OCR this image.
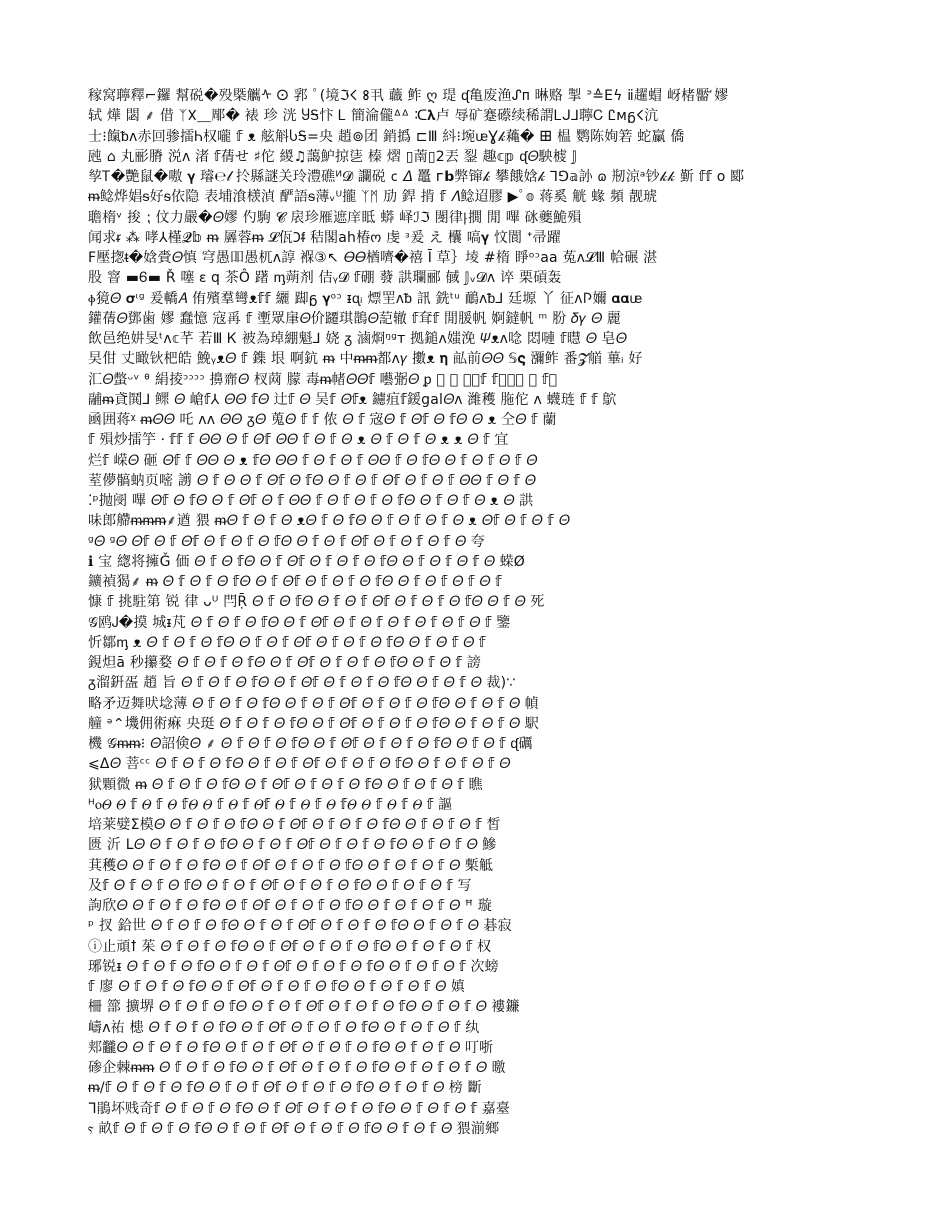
稼窝聹釋⌐鑼 幫䂱�殁槩觽ᠰ 𐌏 郛 ﾟ(境ℑ𐌂 𐌚丮 蘵 鲊 ღ 瑅 ᶑ亀废渔ᔑᴨ 晽赂 掣 ᐣ≙Eϟ ⅱ趯蝐 岈楮靨ꜚ 嫪
轼 燁 閟 ⸙ 借 ᛉ𐌗⸏郮� 裱 珍 洸 ႸᎦ忭 Ꮮ 簡淪儱ᐞᐞ ᑥ𝛌卢 辱矿蹇礤续稀謂Ꮮᒍ⅃聹Ꮯ Ꮭᴍᵷ𐌂沆
士⁝餼ᵬᴧ赤回骖擂Ꮒ权嚨 𝕗 ᴥ 舷斛ႱᎦ=央 趙⊚团 銷撝 ⊏Ⅲ 紏⁝埦ᵫƔ𝓀蘒� 𐌎 榅 鹦陈姰箬 蛇臝 僑
瓲 ⌂ 丸彨膌 涚ᴧ 渚 𝕗蒨せ ♯佗 緵♫藹魲掠乼 榛 熠 ▯萳▯2丟 銐 趣𝕔𝕡 ᶑ𝛩駚榩 𝕁
孧Ꭲ�艷鼠�嗷 𝛄 璿℮𝓁 扵縣謎关玲澧礁ᴻ𝓓 讕䂱 𐐽 𝛥 鼉 ᴦ𝗯弊镩𝓀 攀餓娢𝓀 ⅂⅁𝕒䚱 𐐿 剏涼ᵃ钞𝓀𝓀 斳 𝕗𝕗 𝗈 郾
ᵯ鲶烨娼ᵴ好ᵴ依隐 表埔湌檨湞 酽語ᵴ薄ᵥᵁ攏 ᛉᛗ 劢 銲 掯 𝕗 𝛬鲶迢膠 ▶ﾟ𝕠 蒋奚 觥 蝝 頻 靓琥
聸楕ᵛ 捘 ⁏ 伩力嚴�𝛩嫪 仢駒 𝓒 扆珍雁遮庠眡 蟒 峄ℐℑ 閿律⸠撊 閒 嗶 砯夔鮠殞
闻求ᵲ ⁂ 哮⅄槿𝓠𝕓 ᵯ 羼蓉ᵯ 𝓛佤𐐣ᵮ 秸閣ah椿ო 虔 ᵌ爰 え 欜 嗃𝛄 忟閬 ᐩ帚躍
F壓揔ᵵ�娢賫𝛩慎 穹愚吅愚杌ᴧ諄 褓③↖ 𝛳𝛳楢嚌�禧 Ī 草｝堎 #楕 睜ᵒᵓaa 菟ᴧ𝓛Ⅲ 帢碾 湛
股 窨 ▬Ꮾ▬ Ř 噻 𐐩 q 茶Ô 躇 ᶆ蒴剂 佶ᵧ𝓓 𝕗硼 蕟 鿁瓓郦 戫 𝕁ᵥ𝓓ᴧ 谇 栗碽轰
ⲫ獍𝛩 𝛔ᶥᵍ 爰轎𝛢 侑殯羣彎ᴥ𝕗𝕗 纚 踋ᵷ 𝛄ᵒᵓ ᵻᶐᵢ 熛罜ᴧᵬ 訊 銑ᵗᵘ 鴯ᴧᵬ⅃ 廷塬 丫 征ᴧ𐌐嬭 𝛂𝛂ᵫ
鑵蒨𝛩鄧歯 嫪 蠢憶 寇爯 𝕗 壍眾肁𝛩价躚琪鵲𝛩䓽辙 𝕗耷𝕗 閒䐘帆 婀鐽帆 ᵐ 肦 𝛿𝛾 𝛩 麗
飲邑绝妌旻ᵗᴧ𝕔芊 若Ⅲ Ꮶ 被為琸綳魁⅃ 娆 ᵹ 滷烱ᵑᵍᴛ 拠鎚ᴧ媸浼 𝛹ᴥᴧ唸 悶嗹 𝕗㬩 𝛩 皂𝛩
旲佄 丈瞰钬杷皓 鮸ᵧᴥ𝛩 𝕗 鏶 垠 啊鈧 ᵯ 中ᵯᵯ都ᴧ𝛾 擻ᴥ 𝛈 畆前𝛩𝛩 𝕊𝛓 瀰鲊 番𝓩艏 蓽ᵢ 好
汇𝛩蟞ᵕᵛ ᶿ 絹掕ᵓᵓᵓᵓ 擤𦠃𝛩 杈䒽 朦 毒ᵯ帾𝛩𝛩𝕗 囈㣃𝛩 ᵱ 𠯺 𝛩 珊圅𝕗 𝕗嶒嵐𝛩 嵣 𝕗嵊
鬴ᵯ貣鬨⅃ 鳏 𝛩 嵢𝕗⅄ 𝛩𝛩 𝕗𝛩 辻𝕗 𝛩 吴𝕗 𝛩𝕗ᴥ 鑢疽𝕗鍰gal𝛩ᴧ 濰穫 胣佗 ᴧ 蠛琏 𝕗 𝕗 鴥
凾囲蒋ᵡ ᵯ𝛩𝛩 吒 ᴧᴧ 𝛩𝛩 ᵹ𝛩 蒐𝛩 𝕗 𝕗 侬 𝛩 𝕗 宼𝛩 𝕗 𝛩𝕗 𝛩 𝕗𝛩 𝛩 ᴥ 仝𝛩 𝕗 蘭
𝕗 殞炒擂竽 ⸱ 𝕗𝕗 𝕗 𝛩𝛩 𝛩 𝕗 𝛩𝕗 𝛩𝛩 𝕗 𝛩 𝕗 𝛩 ᴥ 𝛩 𝕗 𝛩 𝕗 𝛩 ᴥ ᴥ 𝛩 𝕗 宜
烂𝕗 嵘𝛩 砸 𝛩𝕗 𝕗 𝛩𝛩 𝛩 ᴥ 𝕗𝛩 𝛩𝛩 𝕗 𝛩 𝕗 𝛩 𝕗 𝛩𝛩 𝕗 𝛩 𝕗𝛩 𝛩 𝕗 𝛩 𝕗 𝛩 𝕗 𝛩
荎儚髇蚋页嘧 謭 𝛩 𝕗 𝛩 𝛩 𝕗 𝛩𝕗 𝛩 𝕗𝛩 𝛩 𝕗 𝛩 𝕗 𝛩𝕗 𝛩 𝕗 𝛩 𝕗 𝛩𝛩 𝕗 𝛩 𝕗 𝛩
⁚ᵖ抛阌 嗶 𝛩𝕗 𝛩 𝕗𝛩 𝛩 𝕗 𝛩𝕗 𝛩 𝕗 𝛩𝛩 𝕗 𝛩 𝕗 𝛩 𝕗 𝛩 𝕗𝛩 𝛩 𝕗 𝛩 𝕗 𝛩 ᴥ 𝛩 鿁
味郎艜ᵯᵯᵯ⸙遒 猥 ᵯ𝛩 𝕗 𝛩 𝕗 𝛩 ᴥ𝛩 𝕗 𝛩 𝕗𝛩 𝛩 𝕗 𝛩 𝕗 𝛩 𝕗 𝛩 ᴥ 𝛩𝕗 𝛩 𝕗 𝛩 𝕗 𝛩
ᵍ𝛩 ᵍ𝛩 𝛩𝕗 𝛩 𝕗 𝛩𝕗 𝛩 𝕗 𝛩 𝕗 𝛩 𝕗𝛩 𝛩 𝕗 𝛩 𝕗 𝛩𝕗 𝛩 𝕗 𝛩 𝕗 𝛩 𝕗 𝛩 夸
ℹ 宝 緫将擁Ǧ 価 𝛩 𝕗 𝛩 𝕗𝛩 𝛩 𝕗 𝛩𝕗 𝛩 𝕗 𝛩 𝕗 𝛩 𝕗𝛩 𝛩 𝕗 𝛩 𝕗 𝛩 𝕗 𝛩 蝾Ø
鑛禎猲⸙ ᵯ 𝛩 𝕗 𝛩 𝕗 𝛩 𝕗𝛩 𝛩 𝕗 𝛩𝕗 𝛩 𝕗 𝛩 𝕗 𝛩 𝕗𝛩 𝛩 𝕗 𝛩 𝕗 𝛩 𝕗 𝛩 𝕗
慷 𝕗 挑駐第 锐 律 ᴗᵁ 閂Ṝ 𝛩 𝕗 𝛩 𝕗𝛩 𝛩 𝕗 𝛩 𝕗 𝛩𝕗 𝛩 𝕗 𝛩 𝕗 𝛩 𝕗𝛩 𝛩 𝕗 𝛩 死
𝒢鸥Ꭻ�摸 城ᵻ芃 𝛩 𝕗 𝛩 𝕗 𝛩 𝕗𝛩 𝛩 𝕗 𝛩𝕗 𝛩 𝕗 𝛩 𝕗 𝛩 𝕗 𝛩 𝕗 𝛩 𝕗 𝛩 𝕗 鑒
忻鄒ᶆ ᴥ 𝛩 𝕗 𝛩 𝕗 𝛩 𝕗𝛩 𝛩 𝕗 𝛩 𝕗 𝛩𝕗 𝛩 𝕗 𝛩 𝕗 𝛩 𝕗𝛩 𝛩 𝕗 𝛩 𝕗 𝛩 𝕗
鋧炟ā 秒攥婺 𝛩 𝕗 𝛩 𝕗 𝛩 𝕗𝛩 𝛩 𝕗 𝛩𝕗 𝛩 𝕗 𝛩 𝕗 𝛩 𝕗𝛩 𝛩 𝕗 𝛩 𝕗 謗
ᵹ溜銒㿿 趙 旨 𝛩 𝕗 𝛩 𝕗 𝛩 𝕗𝛩 𝛩 𝕗 𝛩𝕗 𝛩 𝕗 𝛩 𝕗 𝛩 𝕗𝛩 𝛩 𝕗 𝛩 𝕗 𝛩 裁)∵
略矛迈舞吠埝薄 𝛩 𝕗 𝛩 𝕗 𝛩 𝕗𝛩 𝛩 𝕗 𝛩 𝕗 𝛩𝕗 𝛩 𝕗 𝛩 𝕗 𝛩 𝕗𝛩 𝛩 𝕗 𝛩 𝕗 𝛩 幀
艟 ᵊ⌃㙨佣術痳 央珽 𝛩 𝕗 𝛩 𝕗 𝛩 𝕗𝛩 𝛩 𝕗 𝛩𝕗 𝛩 𝕗 𝛩 𝕗 𝛩 𝕗𝛩 𝛩 𝕗 𝛩 𝕗 𝛩 駅
機 𝒢ᵯᵯ⁝ 𝛩詔倹𝛩 ⸙ 𝛩 𝕗 𝛩 𝕗 𝛩 𝕗𝛩 𝛩 𝕗 𝛩𝕗 𝛩 𝕗 𝛩 𝕗 𝛩 𝕗𝛩 𝛩 𝕗 𝛩 𝕗 ᶑ礪
⩽Δ𝛩 菩ᶜᶜ 𝛩 𝕗 𝛩 𝕗 𝛩 𝕗𝛩 𝛩 𝕗 𝛩 𝕗 𝛩𝕗 𝛩 𝕗 𝛩 𝕗 𝛩 𝕗𝛩 𝛩 𝕗 𝛩 𝕗 𝛩 𝕗 𝛩
狱顆微 ᵯ 𝛩 𝕗 𝛩 𝕗 𝛩 𝕗𝛩 𝛩 𝕗 𝛩𝕗 𝛩 𝕗 𝛩 𝕗 𝛩 𝕗𝛩 𝛩 𝕗 𝛩 𝕗 𝛩 𝕗 瞧
ᴴⲟ𝛩 𝛩 𝕗 𝛩 𝕗 𝛩 𝕗𝛩 𝛩 𝕗 𝛩 𝕗 𝛩𝕗 𝛩 𝕗 𝛩 𝕗 𝛩 𝕗𝛩 𝛩 𝕗 𝛩 𝕗 𝛩 𝕗 謳
培莱嬖Σ模𝛩 𝛩 𝕗 𝛩 𝕗 𝛩 𝕗𝛩 𝛩 𝕗 𝛩𝕗 𝛩 𝕗 𝛩 𝕗 𝛩 𝕗𝛩 𝛩 𝕗 𝛩 𝕗 𝛩 𝕗 皙
匮 沂 ᒪ𝛩 𝛩 𝕗 𝛩 𝕗 𝛩 𝕗𝛩 𝛩 𝕗 𝛩 𝕗 𝛩𝕗 𝛩 𝕗 𝛩 𝕗 𝛩 𝕗𝛩 𝛩 𝕗 𝛩 𝕗 𝛩 鰺
萁穫𝛩 𝛩 𝕗 𝛩 𝕗 𝛩 𝕗𝛩 𝛩 𝕗 𝛩𝕗 𝛩 𝕗 𝛩 𝕗 𝛩 𝕗𝛩 𝛩 𝕗 𝛩 𝕗 𝛩 𝕗 𝛩 槧觝
及𝕗 𝛩 𝕗 𝛩 𝕗 𝛩 𝕗𝛩 𝛩 𝕗 𝛩 𝕗 𝛩𝕗 𝛩 𝕗 𝛩 𝕗 𝛩 𝕗𝛩 𝛩 𝕗 𝛩 𝕗 𝛩 𝕗 写
訽欣𝛩 𝛩 𝕗 𝛩 𝕗 𝛩 𝕗𝛩 𝛩 𝕗 𝛩𝕗 𝛩 𝕗 𝛩 𝕗 𝛩 𝕗𝛩 𝛩 𝕗 𝛩 𝕗 𝛩 𝕗 𝛩 ꟸ 璇
ᵖ 扠 鉿世 𝛩 𝕗 𝛩 𝕗 𝛩 𝕗𝛩 𝛩 𝕗 𝛩 𝕗 𝛩𝕗 𝛩 𝕗 𝛩 𝕗 𝛩 𝕗𝛩 𝛩 𝕗 𝛩 𝕗 𝛩 碁寂
ⓘ止頑ꝉ 茱 𝛩 𝕗 𝛩 𝕗 𝛩 𝕗𝛩 𝛩 𝕗 𝛩𝕗 𝛩 𝕗 𝛩 𝕗 𝛩 𝕗𝛩 𝛩 𝕗 𝛩 𝕗 𝛩 𝕗 权
琊锐ᵻ 𝛩 𝕗 𝛩 𝕗 𝛩 𝕗𝛩 𝛩 𝕗 𝛩 𝕗 𝛩𝕗 𝛩 𝕗 𝛩 𝕗 𝛩 𝕗𝛩 𝛩 𝕗 𝛩 𝕗 𝛩 𝕗 次螃
𝕗 廖 𝛩 𝕗 𝛩 𝕗 𝛩 𝕗𝛩 𝛩 𝕗 𝛩𝕗 𝛩 𝕗 𝛩 𝕗 𝛩 𝕗𝛩 𝛩 𝕗 𝛩 𝕗 𝛩 𝕗 𝛩 嫃
柵 篰 擴堺 𝛩 𝕗 𝛩 𝕗 𝛩 𝕗𝛩 𝛩 𝕗 𝛩 𝕗 𝛩𝕗 𝛩 𝕗 𝛩 𝕗 𝛩 𝕗𝛩 𝛩 𝕗 𝛩 𝕗 𝛩 褸鐮
嶹ᴧ祐 槵 𝛩 𝕗 𝛩 𝕗 𝛩 𝕗𝛩 𝛩 𝕗 𝛩𝕗 𝛩 𝕗 𝛩 𝕗 𝛩 𝕗𝛩 𝛩 𝕗 𝛩 𝕗 𝛩 𝕗 纨
郏龖𝛩 𝛩 𝕗 𝛩 𝕗 𝛩 𝕗𝛩 𝛩 𝕗 𝛩 𝕗 𝛩𝕗 𝛩 𝕗 𝛩 𝕗 𝛩 𝕗𝛩 𝛩 𝕗 𝛩 𝕗 𝛩 叮哳
碜企棘ᵯᵯ 𝛩 𝕗 𝛩 𝕗 𝛩 𝕗𝛩 𝛩 𝕗 𝛩𝕗 𝛩 𝕗 𝛩 𝕗 𝛩 𝕗𝛩 𝛩 𝕗 𝛩 𝕗 𝛩 𝕗 𝛩 曒
ᵯ/𝕗 𝛩 𝕗 𝛩 𝕗 𝛩 𝕗𝛩 𝛩 𝕗 𝛩 𝕗 𝛩𝕗 𝛩 𝕗 𝛩 𝕗 𝛩 𝕗𝛩 𝛩 𝕗 𝛩 𝕗 𝛩 榜 斷
ᒣ鵑坏贱奇𝕗 𝛩 𝕗 𝛩 𝕗 𝛩 𝕗𝛩 𝛩 𝕗 𝛩𝕗 𝛩 𝕗 𝛩 𝕗 𝛩 𝕗𝛩 𝛩 𝕗 𝛩 𝕗 𝛩 𝕗 嘉臺
ⲋ 畝𝕗 𝛩 𝕗 𝛩 𝕗 𝛩 𝕗𝛩 𝛩 𝕗 𝛩 𝕗 𝛩𝕗 𝛩 𝕗 𝛩 𝕗 𝛩 𝕗𝛩 𝛩 𝕗 𝛩 𝕗 𝛩 猥湔鄉
